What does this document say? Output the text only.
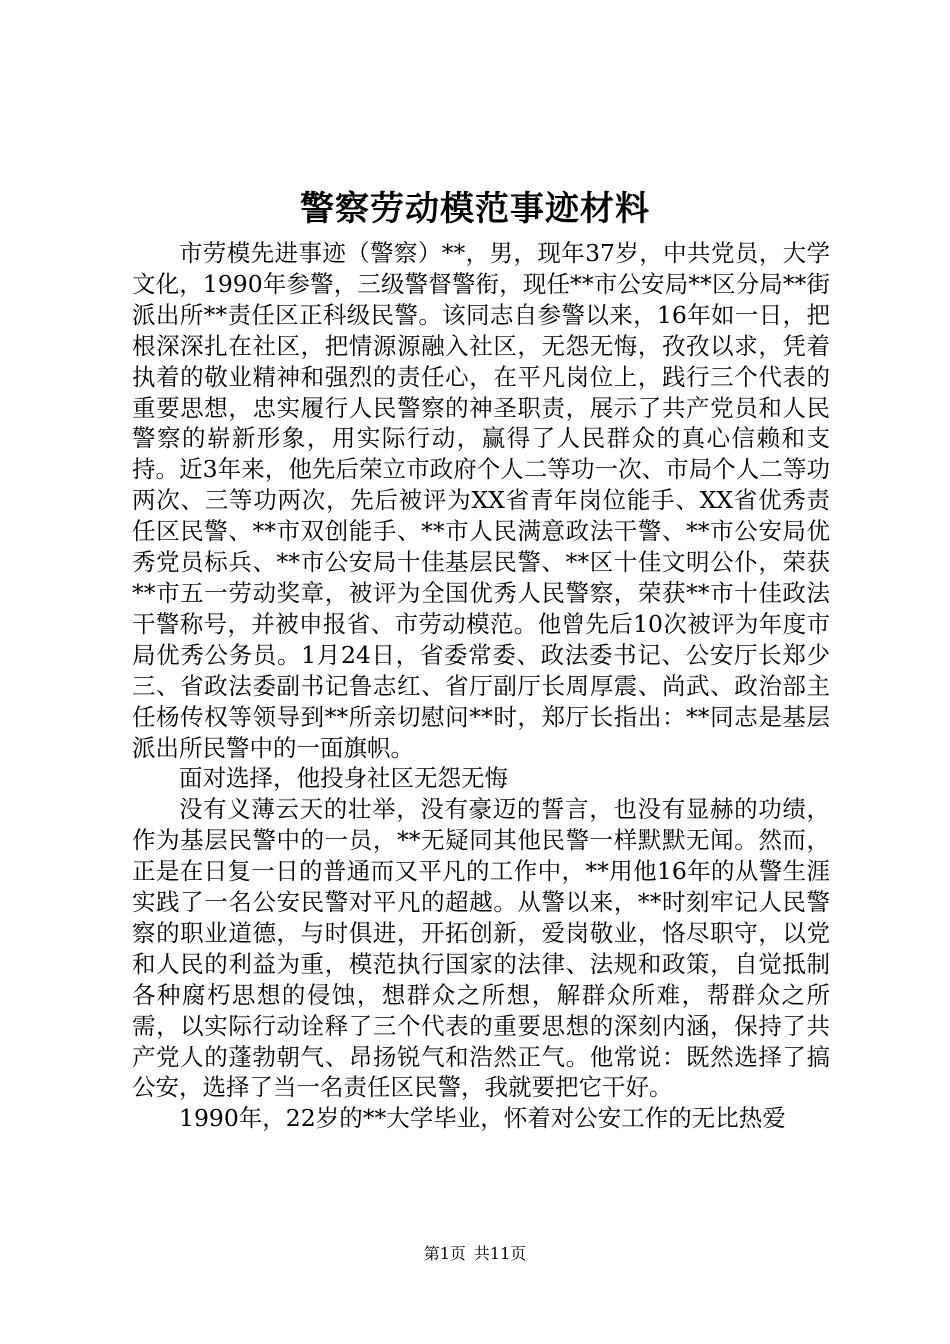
警察劳动模范事迹材料

市劳模先进事迹（警察）**，男，现年37岁，中共党员，大学文化，1990年参警，三级警督警衔，现任**市公安局**区分局**街派出所**责任区正科级民警。该同志自参警以来，16年如一日，把根深深扎在社区，把情源源融入社区，无怨无悔，孜孜以求，凭着执着的敬业精神和强烈的责任心，在平凡岗位上，践行三个代表的重要思想，忠实履行人民警察的神圣职责，展示了共产党员和人民警察的崭新形象，用实际行动，赢得了人民群众的真心信赖和支持。近3年来，他先后荣立市政府个人二等功一次、市局个人二等功两次、三等功两次，先后被评为XX省青年岗位能手、XX省优秀责任区民警、**市双创能手、**市人民满意政法干警、**市公安局优秀党员标兵、**市公安局十佳基层民警、**区十佳文明公仆，荣获**市五一劳动奖章，被评为全国优秀人民警察，荣获**市十佳政法干警称号，并被申报省、市劳动模范。他曾先后10次被评为年度市局优秀公务员。1月24日，省委常委、政法委书记、公安厅长郑少三、省政法委副书记鲁志红、省厅副厅长周厚震、尚武、政治部主任杨传权等领导到**所亲切慰问**时，郑厅长指出：**同志是基层派出所民警中的一面旗帜。

面对选择，他投身社区无怨无悔

没有义薄云天的壮举，没有豪迈的誓言，也没有显赫的功绩，作为基层民警中的一员，**无疑同其他民警一样默默无闻。然而，正是在日复一日的普通而又平凡的工作中，**用他16年的从警生涯实践了一名公安民警对平凡的超越。从警以来，**时刻牢记人民警察的职业道德，与时俱进，开拓创新，爱岗敬业，恪尽职守，以党和人民的利益为重，模范执行国家的法律、法规和政策，自觉抵制各种腐朽思想的侵蚀，想群众之所想，解群众所难，帮群众之所需，以实际行动诠释了三个代表的重要思想的深刻内涵，保持了共产党人的蓬勃朝气、昂扬锐气和浩然正气。他常说：既然选择了搞公安，选择了当一名责任区民警，我就要把它干好。

1990年，22岁的**大学毕业，怀着对公安工作的无比热爱

第1页 共11页
